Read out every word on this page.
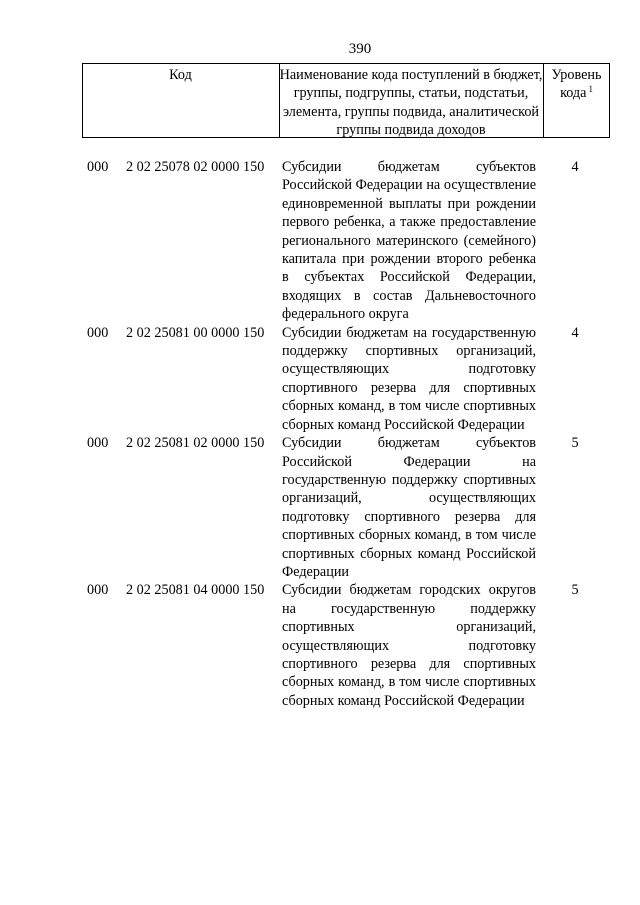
390
Код	Наименование кода поступлений в бюджет, группы, подгруппы, статьи, подстатьи, элемента, группы подвида, аналитической группы подвида доходов
Уровень кода $^1$
000 2 02 25078 02 0000 150 Субсидии бюджетам субъектов Российской Федерации на осуществление единовременной выплаты при рождении первого ребенка, а также предоставление регионального материнского (семейного) капитала при рождении второго ребенка в субъектах Российской Федерации, входящих в состав Дальневосточного федерального округа
4
000 2 02 25081 00 0000 150 Субсидии бюджетам на государственную поддержку спортивных организаций, осуществляющих подготовку спортивного резерва для спортивных сборных команд, в том числе спортивных сборных команд Российской Федерации
4
000 2 02 25081 02 0000 150 Субсидии бюджетам субъектов Российской Федерации на государственную поддержку спортивных организаций, осуществляющих подготовку спортивного резерва для спортивных сборных команд, в том числе спортивных сборных команд Российской Федерации
5
000 2 02 25081 04 0000 150 Субсидии бюджетам городских округов на государственную поддержку спортивных организаций, осуществляющих подготовку спортивного резерва для спортивных сборных команд, в том числе спортивных сборных команд Российской Федерации
5
